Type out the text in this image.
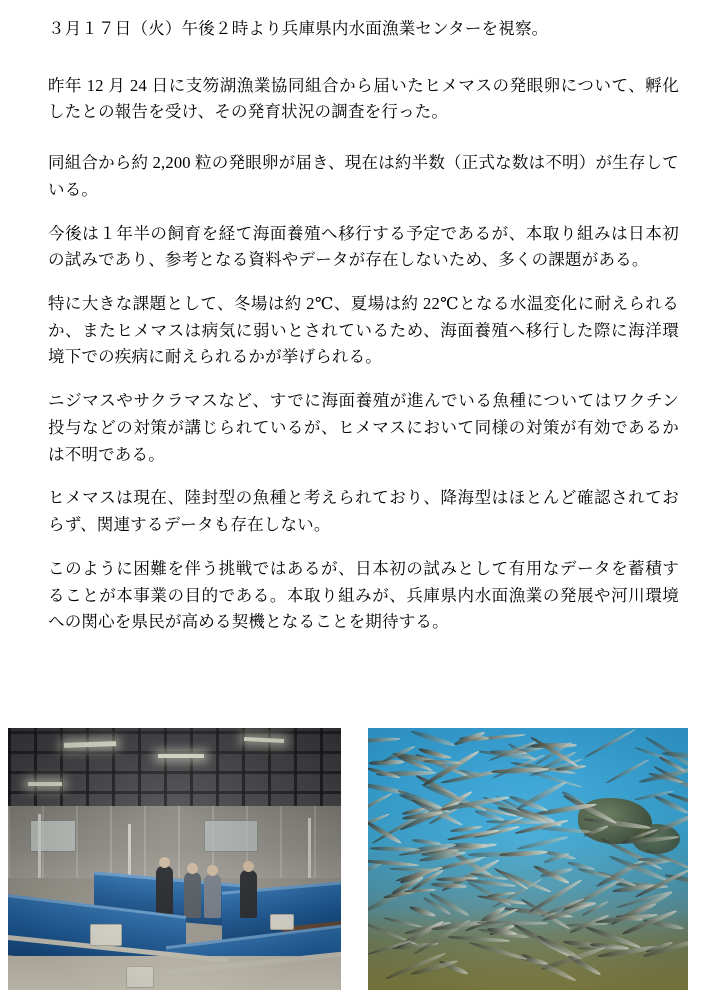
３月１７日（火）午後２時より兵庫県内水面漁業センターを視察。

昨年 12 月 24 日に支笏湖漁業協同組合から届いたヒメマスの発眼卵について、孵化したとの報告を受け、その発育状況の調査を行った。

同組合から約 2,200 粒の発眼卵が届き、現在は約半数（正式な数は不明）が生存している。

今後は１年半の飼育を経て海面養殖へ移行する予定であるが、本取り組みは日本初の試みであり、参考となる資料やデータが存在しないため、多くの課題がある。

特に大きな課題として、冬場は約 2℃、夏場は約 22℃となる水温変化に耐えられるか、またヒメマスは病気に弱いとされているため、海面養殖へ移行した際に海洋環境下での疾病に耐えられるかが挙げられる。

ニジマスやサクラマスなど、すでに海面養殖が進んでいる魚種についてはワクチン投与などの対策が講じられているが、ヒメマスにおいて同様の対策が有効であるかは不明である。

ヒメマスは現在、陸封型の魚種と考えられており、降海型はほとんど確認されておらず、関連するデータも存在しない。

このように困難を伴う挑戦ではあるが、日本初の試みとして有用なデータを蓄積することが本事業の目的である。本取り組みが、兵庫県内水面漁業の発展や河川環境への関心を県民が高める契機となることを期待する。
